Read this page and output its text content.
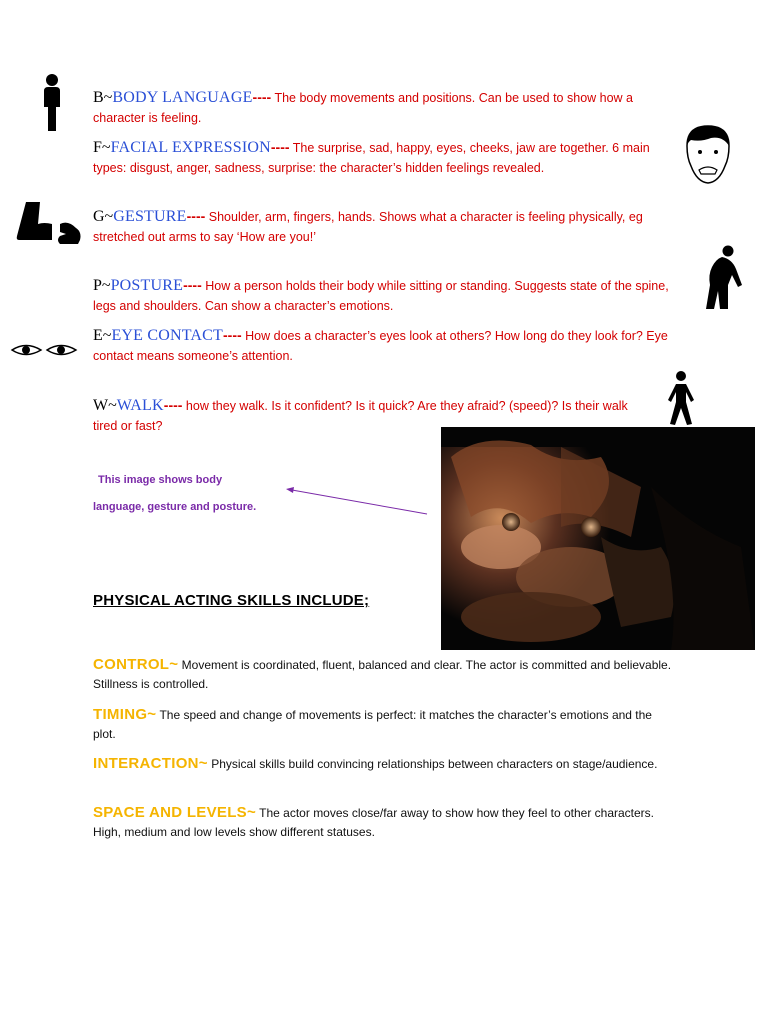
B~BODY LANGUAGE---- The body movements and positions. Can be used to show how a character is feeling.
F~FACIAL EXPRESSION---- The surprise, sad, happy, eyes, cheeks, jaw are together. 6 main types: disgust, anger, sadness, surprise: the character’s hidden feelings revealed.
G~GESTURE---- Shoulder, arm, fingers, hands. Shows what a character is feeling physically, eg stretched out arms to say ‘How are you!’
P~POSTURE---- How a person holds their body while sitting or standing. Suggests state of the spine, legs and shoulders. Can show a character’s emotions.
E~EYE CONTACT---- How does a character’s eyes look at others? How long do they look for? Eye contact means someone’s attention.
W~WALK---- how they walk. Is it confident? Is it quick? Are they afraid? (speed)? Is their walk tired or fast?
This image shows body
language, gesture and posture.
PHYSICAL ACTING SKILLS INCLUDE;
CONTROL~ Movement is coordinated, fluent, balanced and clear. The actor is committed and believable. Stillness is controlled.
TIMING~ The speed and change of movements is perfect: it matches the character’s emotions and the plot.
INTERACTION~ Physical skills build convincing relationships between characters on stage/audience.
SPACE AND LEVELS~ The actor moves close/far away to show how they feel to other characters. High, medium and low levels show different statuses.
